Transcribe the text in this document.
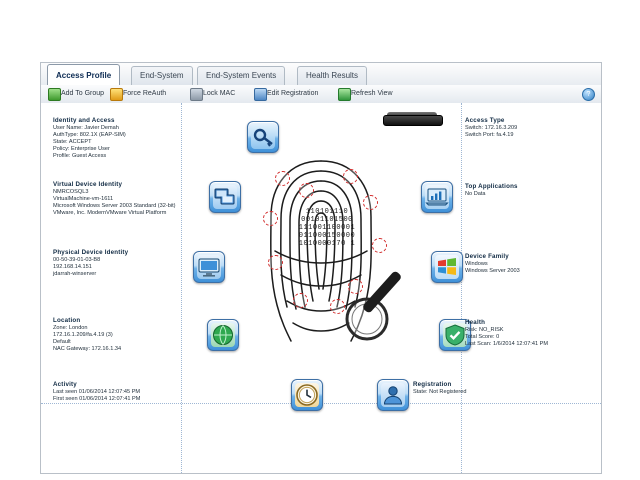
Access Profile	End-System	End-System Events	Health Results
Add To Group	Force ReAuth	Lock MAC	Edit Registration	Refresh View	?
110101110
00101101500
111001100001
011000150000
1010000170 1
Identity and Access
User Name: Javier Demah
AuthType: 802.1X (EAP-SIM)
State: ACCEPT
Policy: Enterprise User
Profile: Guest Access
Virtual Device Identity
NMRCOSQL3
VirtualMachine-vm-1611
Microsoft Windows Server 2003 Standard (32-bit)
VMware, Inc. ModernVMware Virtual Platform
Physical Device Identity
00-50-39-01-03-B8
192.168.14.151
jdarrah-winserver
Location
Zone: London
172.16.1.209/fa.4.19 (3)
Default
NAC Gateway: 172.16.1.34
Activity
Last seen 01/06/2014 12:07:45 PM
First seen 01/06/2014 12:07:41 PM
Access Type
Switch: 172.16.3.209
Switch Port: fa.4.19
Top Applications
No Data
Device Family
Windows
Windows Server 2003
Health
Risk: NO_RISK
Total Score: 0
Last Scan: 1/6/2014 12:07:41 PM
Registration
State: Not Registered
